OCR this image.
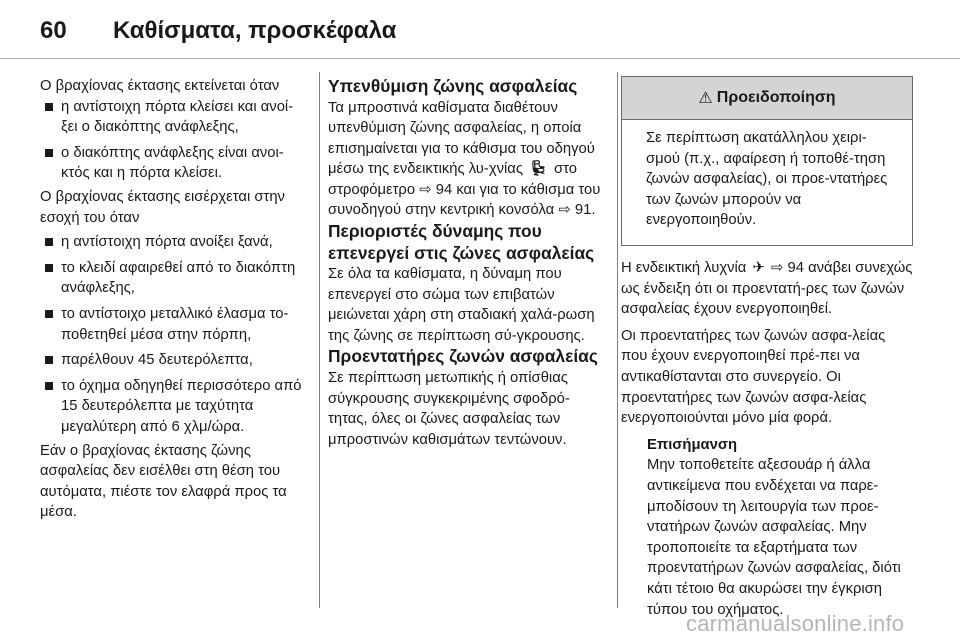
60 Καθίσματα, προσκέφαλα

Ο βραχίονας έκτασης εκτείνεται όταν

η αντίστοιχη πόρτα κλείσει και ανοί-ξει ο διακόπτης ανάφλεξης,
ο διακόπτης ανάφλεξης είναι ανοι-κτός και η πόρτα κλείσει.

Ο βραχίονας έκτασης εισέρχεται στην εσοχή του όταν

η αντίστοιχη πόρτα ανοίξει ξανά,
το κλειδί αφαιρεθεί από το διακόπτη ανάφλεξης,
το αντίστοιχο μεταλλικό έλασμα το-ποθετηθεί μέσα στην πόρπη,
παρέλθουν 45 δευτερόλεπτα,
το όχημα οδηγηθεί περισσότερο από 15 δευτερόλεπτα με ταχύτητα μεγαλύτερη από 6 χλμ/ώρα.

Εάν ο βραχίονας έκτασης ζώνης ασφαλείας δεν εισέλθει στη θέση του αυτόματα, πιέστε τον ελαφρά προς τα μέσα.

Υπενθύμιση ζώνης ασφαλείας

Τα μπροστινά καθίσματα διαθέτουν υπενθύμιση ζώνης ασφαλείας, η οποία επισημαίνεται για το κάθισμα του οδηγού μέσω της ενδεικτικής λυ-χνίας 💺︎ στο στροφόμετρο ⇨ 94 και για το κάθισμα του συνοδηγού στην κεντρική κονσόλα ⇨ 91.

Περιοριστές δύναμης που επενεργεί στις ζώνες ασφαλείας

Σε όλα τα καθίσματα, η δύναμη που επενεργεί στο σώμα των επιβατών μειώνεται χάρη στη σταδιακή χαλά-ρωση της ζώνης σε περίπτωση σύ-γκρουσης.

Προεντατήρες ζωνών ασφαλείας

Σε περίπτωση μετωπικής ή οπίσθιας σύγκρουσης συγκεκριμένης σφοδρό-τητας, όλες οι ζώνες ασφαλείας των μπροστινών καθισμάτων τεντώνουν.

⚠ Προειδοποίηση
Σε περίπτωση ακατάλληλου χειρι-σμού (π.χ., αφαίρεση ή τοποθέ-τηση ζωνών ασφαλείας), οι προε-ντατήρες των ζωνών μπορούν να ενεργοποιηθούν.

Η ενδεικτική λυχνία ✈︎ ⇨ 94 ανάβει συνεχώς ως ένδειξη ότι οι προεντατή-ρες των ζωνών ασφαλείας έχουν ενεργοποιηθεί.

Οι προεντατήρες των ζωνών ασφα-λείας που έχουν ενεργοποιηθεί πρέ-πει να αντικαθίστανται στο συνεργείο. Οι προεντατήρες των ζωνών ασφα-λείας ενεργοποιούνται μόνο μία φορά.

Επισήμανση

Μην τοποθετείτε αξεσουάρ ή άλλα αντικείμενα που ενδέχεται να παρε-μποδίσουν τη λειτουργία των προε-ντατήρων ζωνών ασφαλείας. Μην τροποποιείτε τα εξαρτήματα των προεντατήρων ζωνών ασφαλείας, διότι κάτι τέτοιο θα ακυρώσει την έγκριση τύπου του οχήματος.

carmanualsonline.info
